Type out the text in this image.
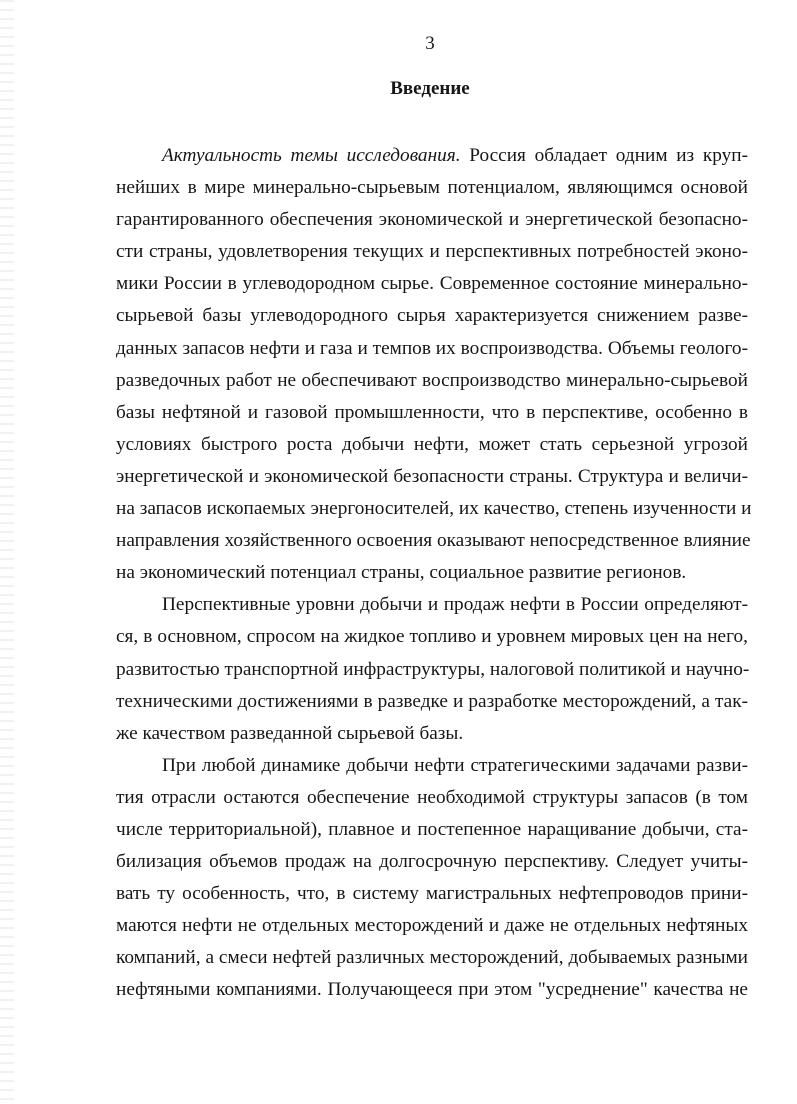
3
Введение
Актуальность темы исследования. Россия обладает одним из круп-
нейших в мире минерально-сырьевым потенциалом, являющимся основой
гарантированного обеспечения экономической и энергетической безопасно-
сти страны, удовлетворения текущих и перспективных потребностей эконо-
мики России в углеводородном сырье. Современное состояние минерально-
сырьевой базы углеводородного сырья характеризуется снижением разве-
данных запасов нефти и газа и темпов их воспроизводства. Объемы геолого-
разведочных работ не обеспечивают воспроизводство минерально-сырьевой
базы нефтяной и газовой промышленности, что в перспективе, особенно в
условиях быстрого роста добычи нефти, может стать серьезной угрозой
энергетической и экономической безопасности страны. Структура и величи-
на запасов ископаемых энергоносителей, их качество, степень изученности и
направления хозяйственного освоения оказывают непосредственное влияние
на экономический потенциал страны, социальное развитие регионов.
Перспективные уровни добычи и продаж нефти в России определяют-
ся, в основном, спросом на жидкое топливо и уровнем мировых цен на него,
развитостью транспортной инфраструктуры, налоговой политикой и научно-
техническими достижениями в разведке и разработке месторождений, а так-
же качеством разведанной сырьевой базы.
При любой динамике добычи нефти стратегическими задачами разви-
тия отрасли остаются обеспечение необходимой структуры запасов (в том
числе территориальной), плавное и постепенное наращивание добычи, ста-
билизация объемов продаж на долгосрочную перспективу. Следует учиты-
вать ту особенность, что, в систему магистральных нефтепроводов прини-
маются нефти не отдельных месторождений и даже не отдельных нефтяных
компаний, а смеси нефтей различных месторождений, добываемых разными
нефтяными компаниями. Получающееся при этом "усреднение" качества не
